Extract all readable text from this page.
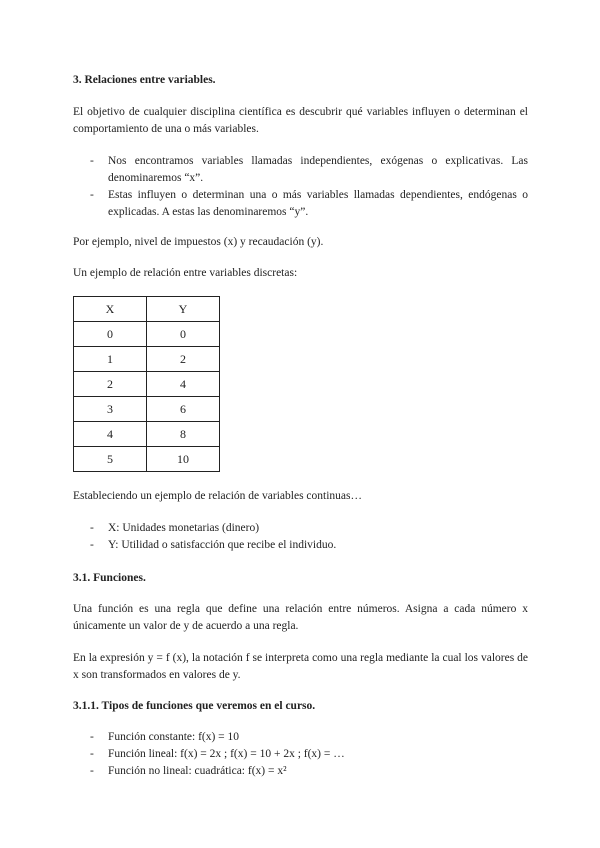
3. Relaciones entre variables.

El objetivo de cualquier disciplina científica es descubrir qué variables influyen o determinan el comportamiento de una o más variables.

- Nos encontramos variables llamadas independientes, exógenas o explicativas. Las denominaremos “x”.
- Estas influyen o determinan una o más variables llamadas dependientes, endógenas o explicadas. A estas las denominaremos “y”.

Por ejemplo, nivel de impuestos (x) y recaudación (y).

Un ejemplo de relación entre variables discretas:

X	Y
0	0
1	2
2	4
3	6
4	8
5	10

Estableciendo un ejemplo de relación de variables continuas…

- X: Unidades monetarias (dinero)
- Y: Utilidad o satisfacción que recibe el individuo.

3.1. Funciones.

Una función es una regla que define una relación entre números. Asigna a cada número x únicamente un valor de y de acuerdo a una regla.

En la expresión y = f (x), la notación f se interpreta como una regla mediante la cual los valores de x son transformados en valores de y.

3.1.1. Tipos de funciones que veremos en el curso.

- Función constante: f(x) = 10
- Función lineal: f(x) = 2x ; f(x) = 10 + 2x ; f(x) = …
- Función no lineal: cuadrática: f(x) = x²
